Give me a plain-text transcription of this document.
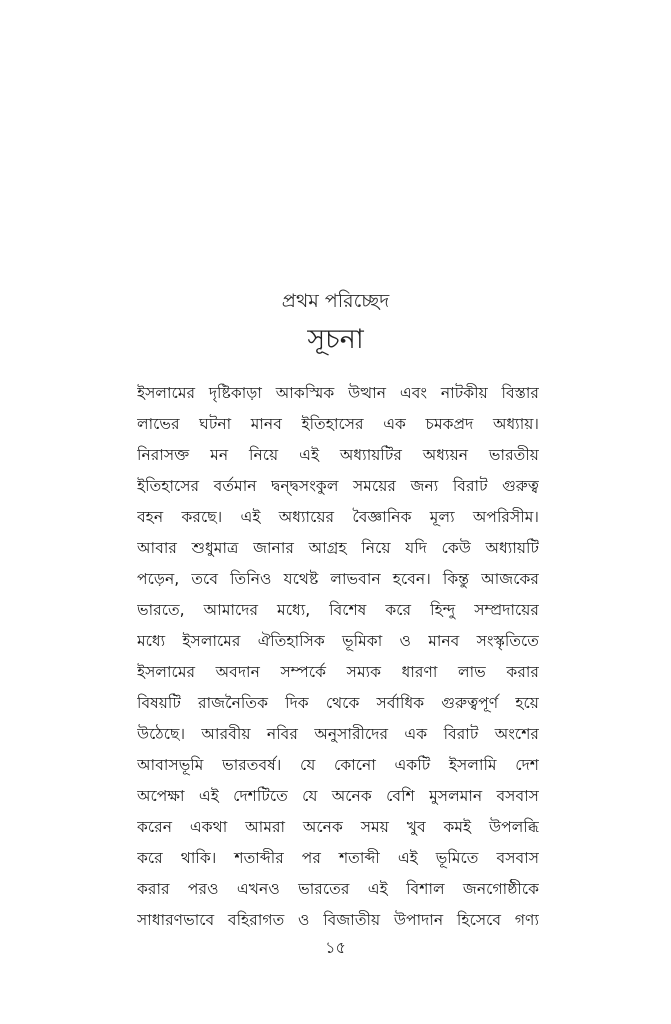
প্রথম পরিচ্ছেদ
সূচনা
ইসলামের দৃষ্টিকাড়া আকস্মিক উত্থান এবং নাটকীয় বিস্তার
লাভের ঘটনা মানব ইতিহাসের এক চমকপ্রদ অধ্যায়।
নিরাসক্ত মন নিয়ে এই অধ্যায়টির অধ্যয়ন ভারতীয়
ইতিহাসের বর্তমান দ্বন্দ্বসংকুল সময়ের জন্য বিরাট গুরুত্ব
বহন করছে। এই অধ্যায়ের বৈজ্ঞানিক মূল্য অপরিসীম।
আবার শুধুমাত্র জানার আগ্রহ নিয়ে যদি কেউ অধ্যায়টি
পড়েন, তবে তিনিও যথেষ্ট লাভবান হবেন। কিন্তু আজকের
ভারতে, আমাদের মধ্যে, বিশেষ করে হিন্দু সম্প্রদায়ের
মধ্যে ইসলামের ঐতিহাসিক ভূমিকা ও মানব সংস্কৃতিতে
ইসলামের অবদান সম্পর্কে সম্যক ধারণা লাভ করার
বিষয়টি রাজনৈতিক দিক থেকে সর্বাধিক গুরুত্বপূর্ণ হয়ে
উঠেছে। আরবীয় নবির অনুসারীদের এক বিরাট অংশের
আবাসভূমি ভারতবর্ষ। যে কোনো একটি ইসলামি দেশ
অপেক্ষা এই দেশটিতে যে অনেক বেশি মুসলমান বসবাস
করেন একথা আমরা অনেক সময় খুব কমই উপলব্ধি
করে থাকি। শতাব্দীর পর শতাব্দী এই ভূমিতে বসবাস
করার পরও এখনও ভারতের এই বিশাল জনগোষ্ঠীকে
সাধারণভাবে বহিরাগত ও বিজাতীয় উপাদান হিসেবে গণ্য
১৫
